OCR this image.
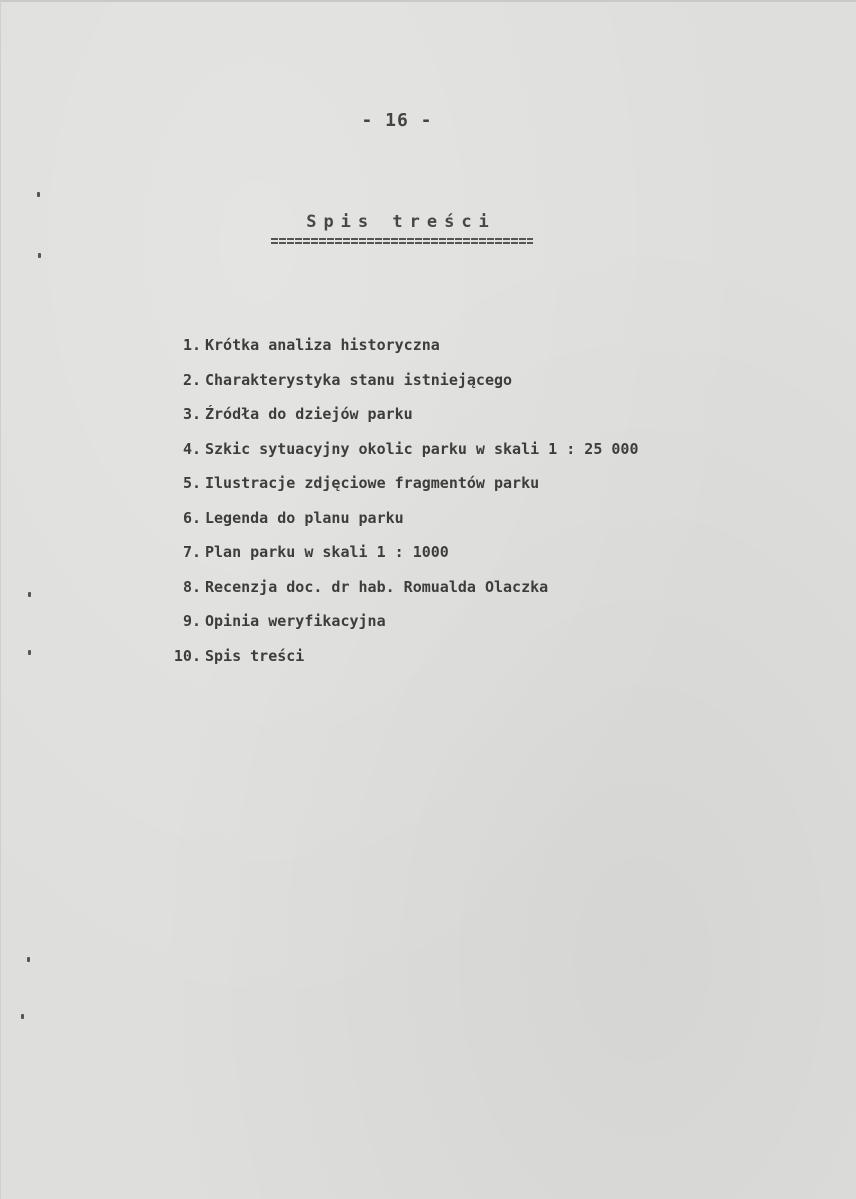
- 16 -
Spis treści
1. Krótka analiza historyczna
2. Charakterystyka stanu istniejącego
3. Źródła do dziejów parku
4. Szkic sytuacyjny okolic parku w skali 1 : 25 000
5. Ilustracje zdjęciowe fragmentów parku
6. Legenda do planu parku
7. Plan parku w skali 1 : 1000
8. Recenzja doc. dr hab. Romualda Olaczka
9. Opinia weryfikacyjna
10. Spis treści
